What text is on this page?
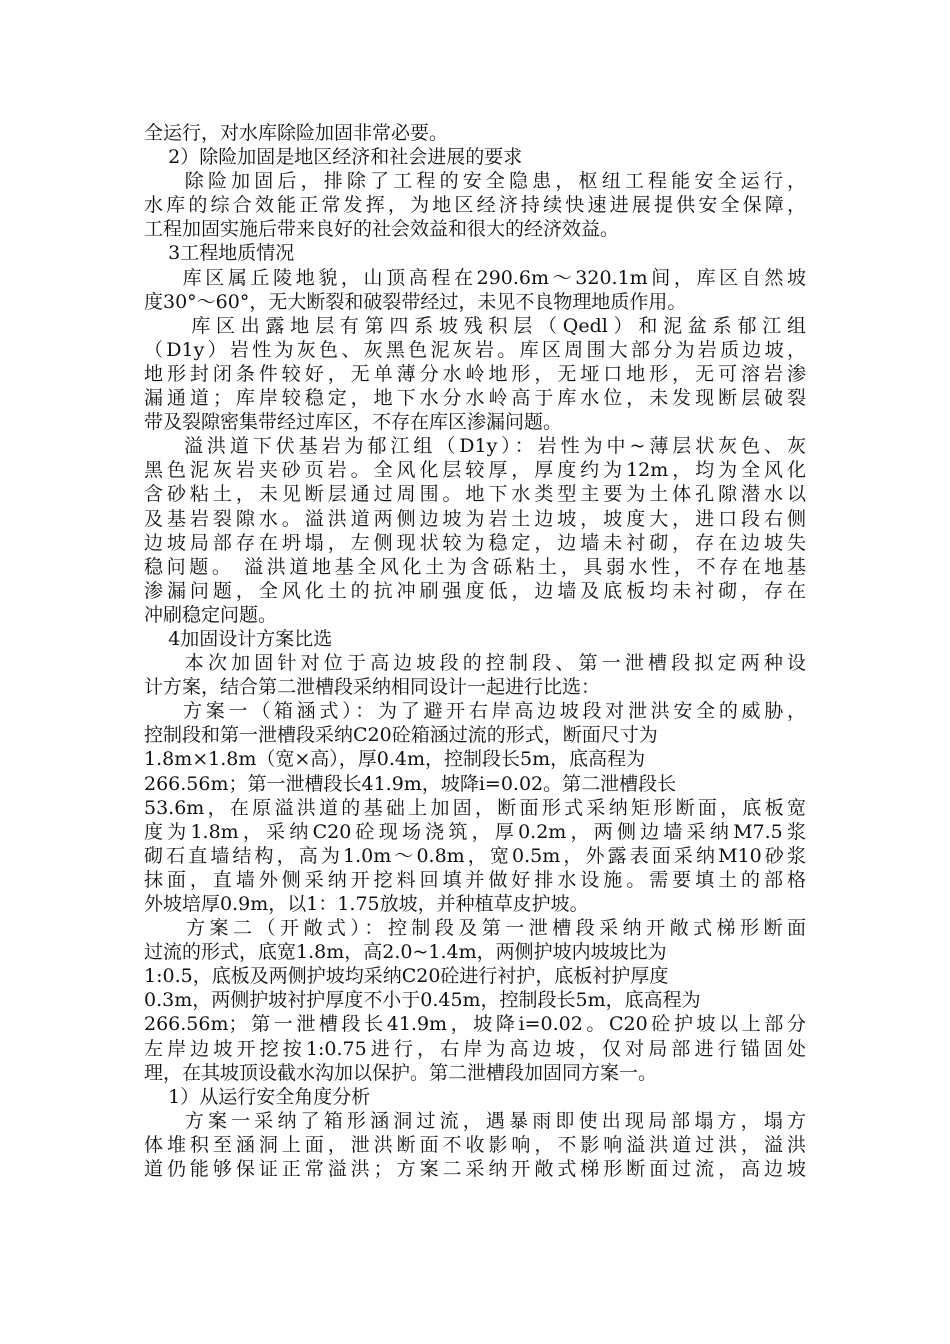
全运行，对水库除险加固非常必要。
2）除险加固是地区经济和社会进展的要求
除险加固后，排除了工程的安全隐患，枢纽工程能安全运行，
水库的综合效能正常发挥，为地区经济持续快速进展提供安全保障，
工程加固实施后带来良好的社会效益和很大的经济效益。
3工程地质情况
库区属丘陵地貌，山顶高程在290.6m～320.1m间，库区自然坡
度30°～60°，无大断裂和破裂带经过，未见不良物理地质作用。
库区出露地层有第四系坡残积层（Qedl）和泥盆系郁江组
（D1y）岩性为灰色、灰黑色泥灰岩。库区周围大部分为岩质边坡，
地形封闭条件较好，无单薄分水岭地形，无垭口地形，无可溶岩渗
漏通道；库岸较稳定，地下水分水岭高于库水位，未发现断层破裂
带及裂隙密集带经过库区，不存在库区渗漏问题。
溢洪道下伏基岩为郁江组（D1y）：岩性为中~薄层状灰色、灰
黑色泥灰岩夹砂页岩。全风化层较厚，厚度约为12m，均为全风化
含砂粘土，未见断层通过周围。地下水类型主要为土体孔隙潜水以
及基岩裂隙水。溢洪道两侧边坡为岩土边坡，坡度大，进口段右侧
边坡局部存在坍塌，左侧现状较为稳定，边墙未衬砌，存在边坡失
稳问题。 溢洪道地基全风化土为含砾粘土，具弱水性，不存在地基
渗漏问题，全风化土的抗冲刷强度低，边墙及底板均未衬砌，存在
冲刷稳定问题。
4加固设计方案比选
本次加固针对位于高边坡段的控制段、第一泄槽段拟定两种设
计方案，结合第二泄槽段采纳相同设计一起进行比选：
方案一（箱涵式）：为了避开右岸高边坡段对泄洪安全的威胁，
控制段和第一泄槽段采纳C20砼箱涵过流的形式，断面尺寸为
1.8m×1.8m（宽×高），厚0.4m，控制段长5m，底高程为
266.56m；第一泄槽段长41.9m，坡降i=0.02。第二泄槽段长
53.6m，在原溢洪道的基础上加固，断面形式采纳矩形断面，底板宽
度为1.8m，采纳C20砼现场浇筑，厚0.2m，两侧边墙采纳M7.5浆
砌石直墙结构，高为1.0m～0.8m，宽0.5m，外露表面采纳M10砂浆
抹面，直墙外侧采纳开挖料回填并做好排水设施。需要填土的部格
外坡培厚0.9m，以1：1.75放坡，并种植草皮护坡。
方案二（开敞式）：控制段及第一泄槽段采纳开敞式梯形断面
过流的形式，底宽1.8m，高2.0~1.4m，两侧护坡内坡坡比为
1:0.5，底板及两侧护坡均采纳C20砼进行衬护，底板衬护厚度
0.3m，两侧护坡衬护厚度不小于0.45m，控制段长5m，底高程为
266.56m；第一泄槽段长41.9m，坡降i=0.02。C20砼护坡以上部分
左岸边坡开挖按1:0.75进行，右岸为高边坡，仅对局部进行锚固处
理，在其坡顶设截水沟加以保护。第二泄槽段加固同方案一。
1）从运行安全角度分析
方案一采纳了箱形涵洞过流，遇暴雨即使出现局部塌方，塌方
体堆积至涵洞上面，泄洪断面不收影响，不影响溢洪道过洪，溢洪
道仍能够保证正常溢洪；方案二采纳开敞式梯形断面过流，高边坡
